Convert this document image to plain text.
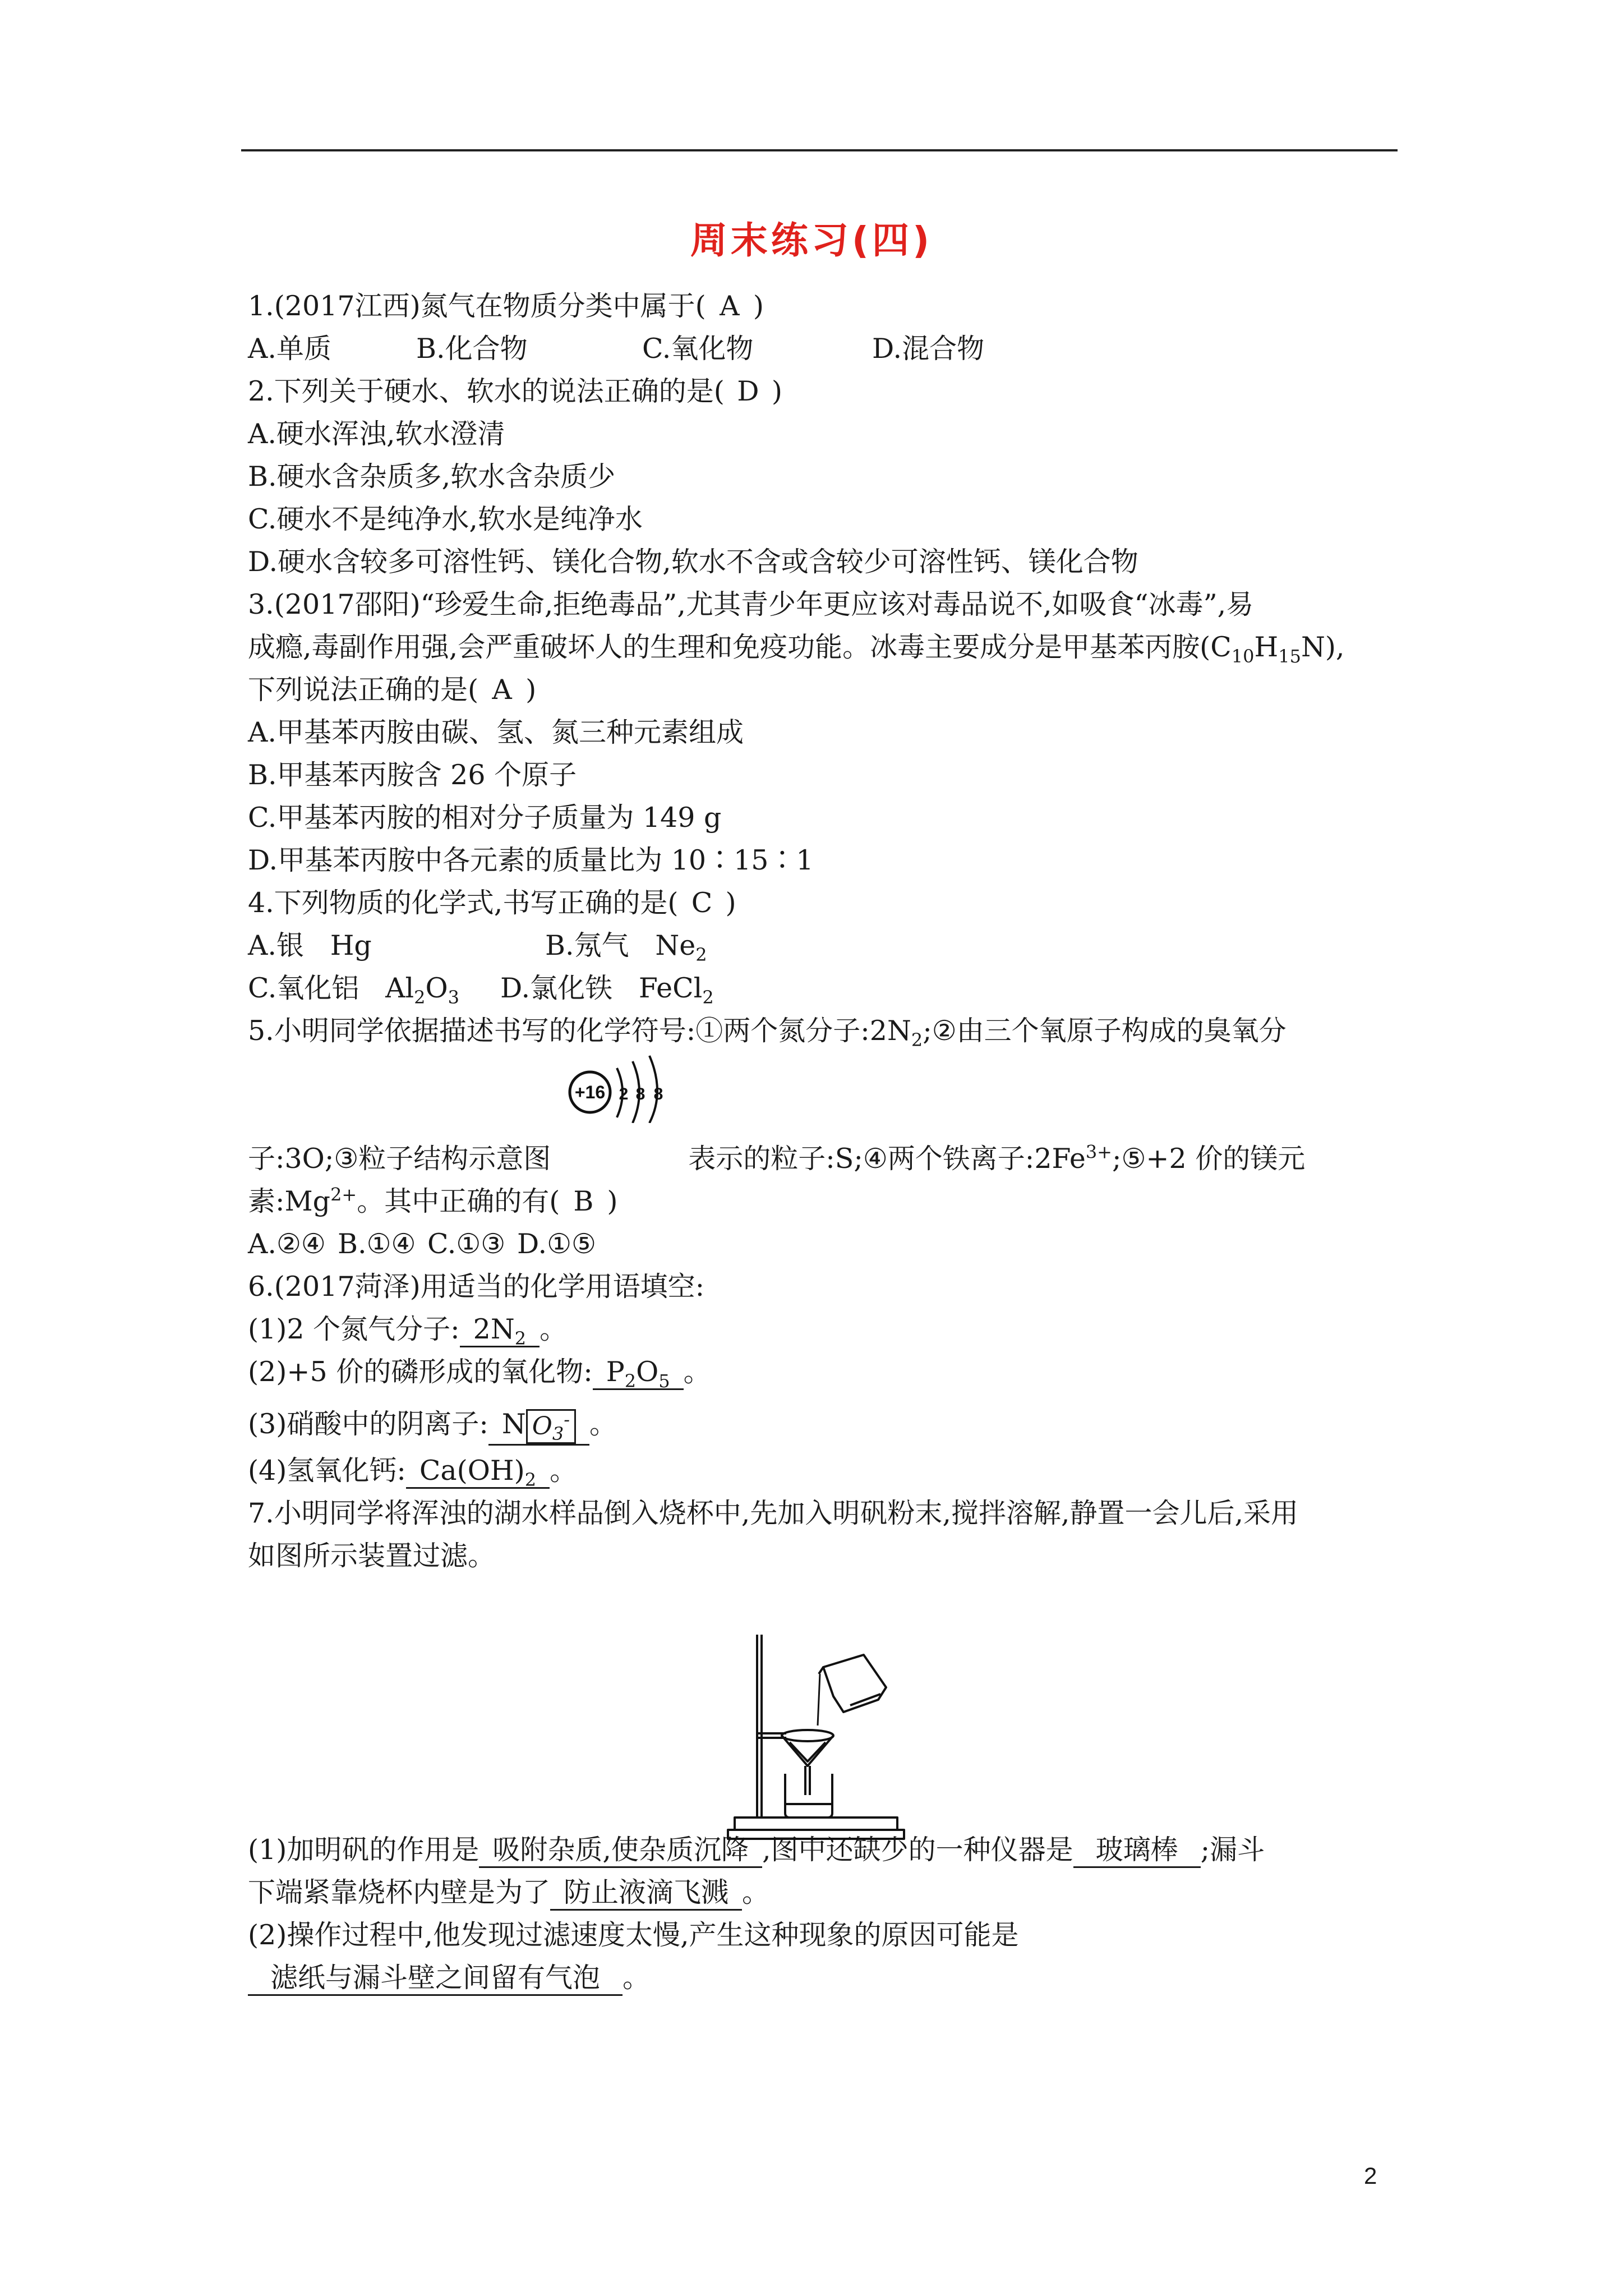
周末练习(四)
1.(2017江西)氮气在物质分类中属于( A )
A.单质	B.化合物	C.氧化物	D.混合物
2.下列关于硬水、软水的说法正确的是( D )
A.硬水浑浊,软水澄清
B.硬水含杂质多,软水含杂质少
C.硬水不是纯净水,软水是纯净水
D.硬水含较多可溶性钙、镁化合物,软水不含或含较少可溶性钙、镁化合物
3.(2017邵阳)“珍爱生命,拒绝毒品”,尤其青少年更应该对毒品说不,如吸食“冰毒”,易
成瘾,毒副作用强,会严重破坏人的生理和免疫功能。冰毒主要成分是甲基苯丙胺$(C_{10}H_{15}N)$,
下列说法正确的是( A )
A.甲基苯丙胺由碳、氢、氮三种元素组成
B.甲基苯丙胺含 26 个原子
C.甲基苯丙胺的相对分子质量为 149 g
D.甲基苯丙胺中各元素的质量比为 10∶15∶1
4.下列物质的化学式,书写正确的是( C )
A.银 Hg	B.氖气 $Ne_2$
C.氧化铝 $Al_2O_3$ D.氯化铁 FeCl$_2$
5.小明同学依据描述书写的化学符号:①两个氮分子$:2N_2;②$由三个氧原子构成的臭氧分
子:3O;③粒子结构示意图	表示的粒子:S;④两个铁离子$:2Fe^{3+};⑤+2$ 价的镁元
素$:Mg^{2+}$。其中正确的有( B )
A.②④ B.①④ C.①③ D.①⑤
6.(2017菏泽)用适当的化学用语填空:
(1)2 个氮气分子: $2N_2$ 。
(2)+5 价的磷形成的氧化物: $P_2O_5$ 。
(3)硝酸中的阴离子: N $O_3^-$ 。
(4)氢氧化钙: $Ca(OH)_2$ 。
7.小明同学将浑浊的湖水样品倒入烧杯中,先加入明矾粉末,搅拌溶解,静置一会儿后,采用
如图所示装置过滤。
(1)加明矾的作用是 吸附杂质,使杂质沉降 ,图中还缺少的一种仪器是 玻璃棒 ;漏斗
下端紧靠烧杯内壁是为了 防止液滴飞溅 。
(2)操作过程中,他发现过滤速度太慢,产生这种现象的原因可能是
滤纸与漏斗壁之间留有气泡 。
+16 2 8 8
2
